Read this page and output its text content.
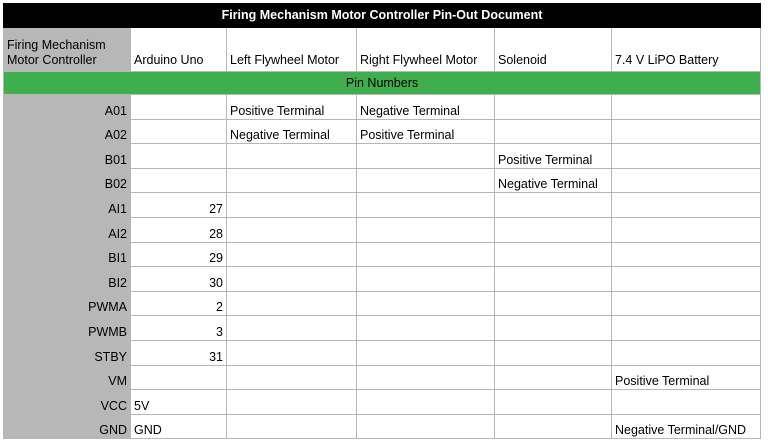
Firing Mechanism Motor Controller Pin-Out Document					
Firing Mechanism Motor Controller	Arduino Uno	Left Flywheel Motor	Right Flywheel Motor	Solenoid	7.4 V LiPO Battery
Pin Numbers					
A01		Positive Terminal	Negative Terminal		
A02		Negative Terminal	Positive Terminal		
B01				Positive Terminal	
B02				Negative Terminal	
AI1	27				
AI2	28				
BI1	29				
BI2	30				
PWMA	2				
PWMB	3				
STBY	31				
VM					Positive Terminal
VCC	5V				
GND	GND				Negative Terminal/GND
